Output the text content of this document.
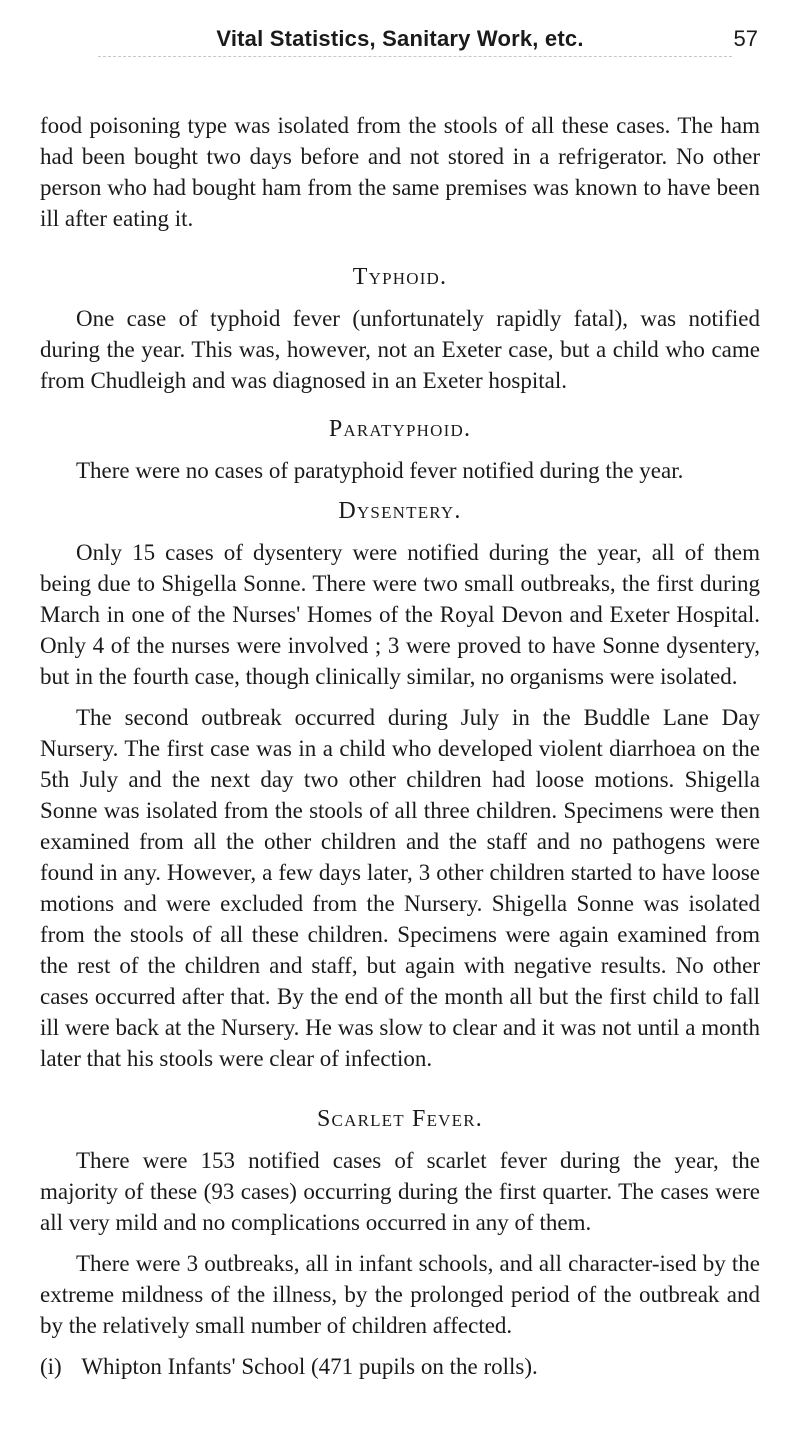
Vital Statistics, Sanitary Work, etc.	57

food poisoning type was isolated from the stools of all these cases. The ham had been bought two days before and not stored in a refrigerator. No other person who had bought ham from the same premises was known to have been ill after eating it.

Typhoid.

One case of typhoid fever (unfortunately rapidly fatal), was notified during the year. This was, however, not an Exeter case, but a child who came from Chudleigh and was diagnosed in an Exeter hospital.

Paratyphoid.

There were no cases of paratyphoid fever notified during the year.

Dysentery.

Only 15 cases of dysentery were notified during the year, all of them being due to Shigella Sonne. There were two small outbreaks, the first during March in one of the Nurses' Homes of the Royal Devon and Exeter Hospital. Only 4 of the nurses were involved ; 3 were proved to have Sonne dysentery, but in the fourth case, though clinically similar, no organisms were isolated.

The second outbreak occurred during July in the Buddle Lane Day Nursery. The first case was in a child who developed violent diarrhoea on the 5th July and the next day two other children had loose motions. Shigella Sonne was isolated from the stools of all three children. Specimens were then examined from all the other children and the staff and no pathogens were found in any. However, a few days later, 3 other children started to have loose motions and were excluded from the Nursery. Shigella Sonne was isolated from the stools of all these children. Specimens were again examined from the rest of the children and staff, but again with negative results. No other cases occurred after that. By the end of the month all but the first child to fall ill were back at the Nursery. He was slow to clear and it was not until a month later that his stools were clear of infection.

Scarlet Fever.

There were 153 notified cases of scarlet fever during the year, the majority of these (93 cases) occurring during the first quarter. The cases were all very mild and no complications occurred in any of them.

There were 3 outbreaks, all in infant schools, and all character-ised by the extreme mildness of the illness, by the prolonged period of the outbreak and by the relatively small number of children affected.

(i) Whipton Infants' School (471 pupils on the rolls).
